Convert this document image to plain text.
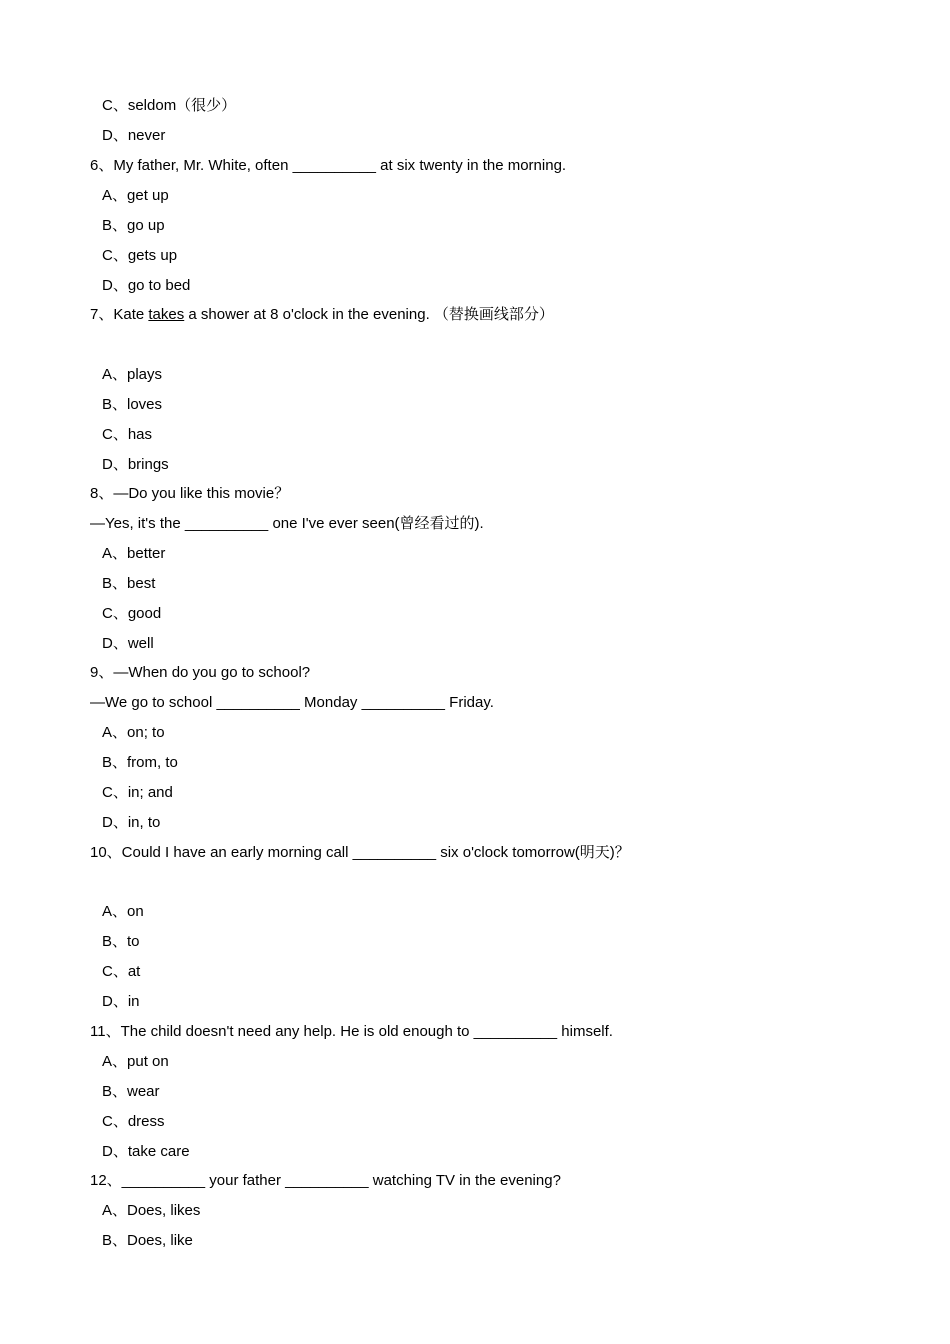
C、seldom（很少）
D、never
6、My father, Mr. White, often __________ at six twenty in the morning.
A、get up
B、go up
C、gets up
D、go to bed
7、Kate takes a shower at 8 o'clock in the evening. （替换画线部分）
A、plays
B、loves
C、has
D、brings
8、—Do you like this movie？
—Yes, it's the __________ one I've ever seen(曾经看过的).
A、better
B、best
C、good
D、well
9、—When do you go to school?
—We go to school __________ Monday __________ Friday.
A、on; to
B、from, to
C、in; and
D、in, to
10、Could I have an early morning call __________ six o'clock tomorrow(明天)？
A、on
B、to
C、at
D、in
11、The child doesn't need any help. He is old enough to __________ himself.
A、put on
B、wear
C、dress
D、take care
12、__________ your father __________ watching TV in the evening?
A、Does, likes
B、Does, like
